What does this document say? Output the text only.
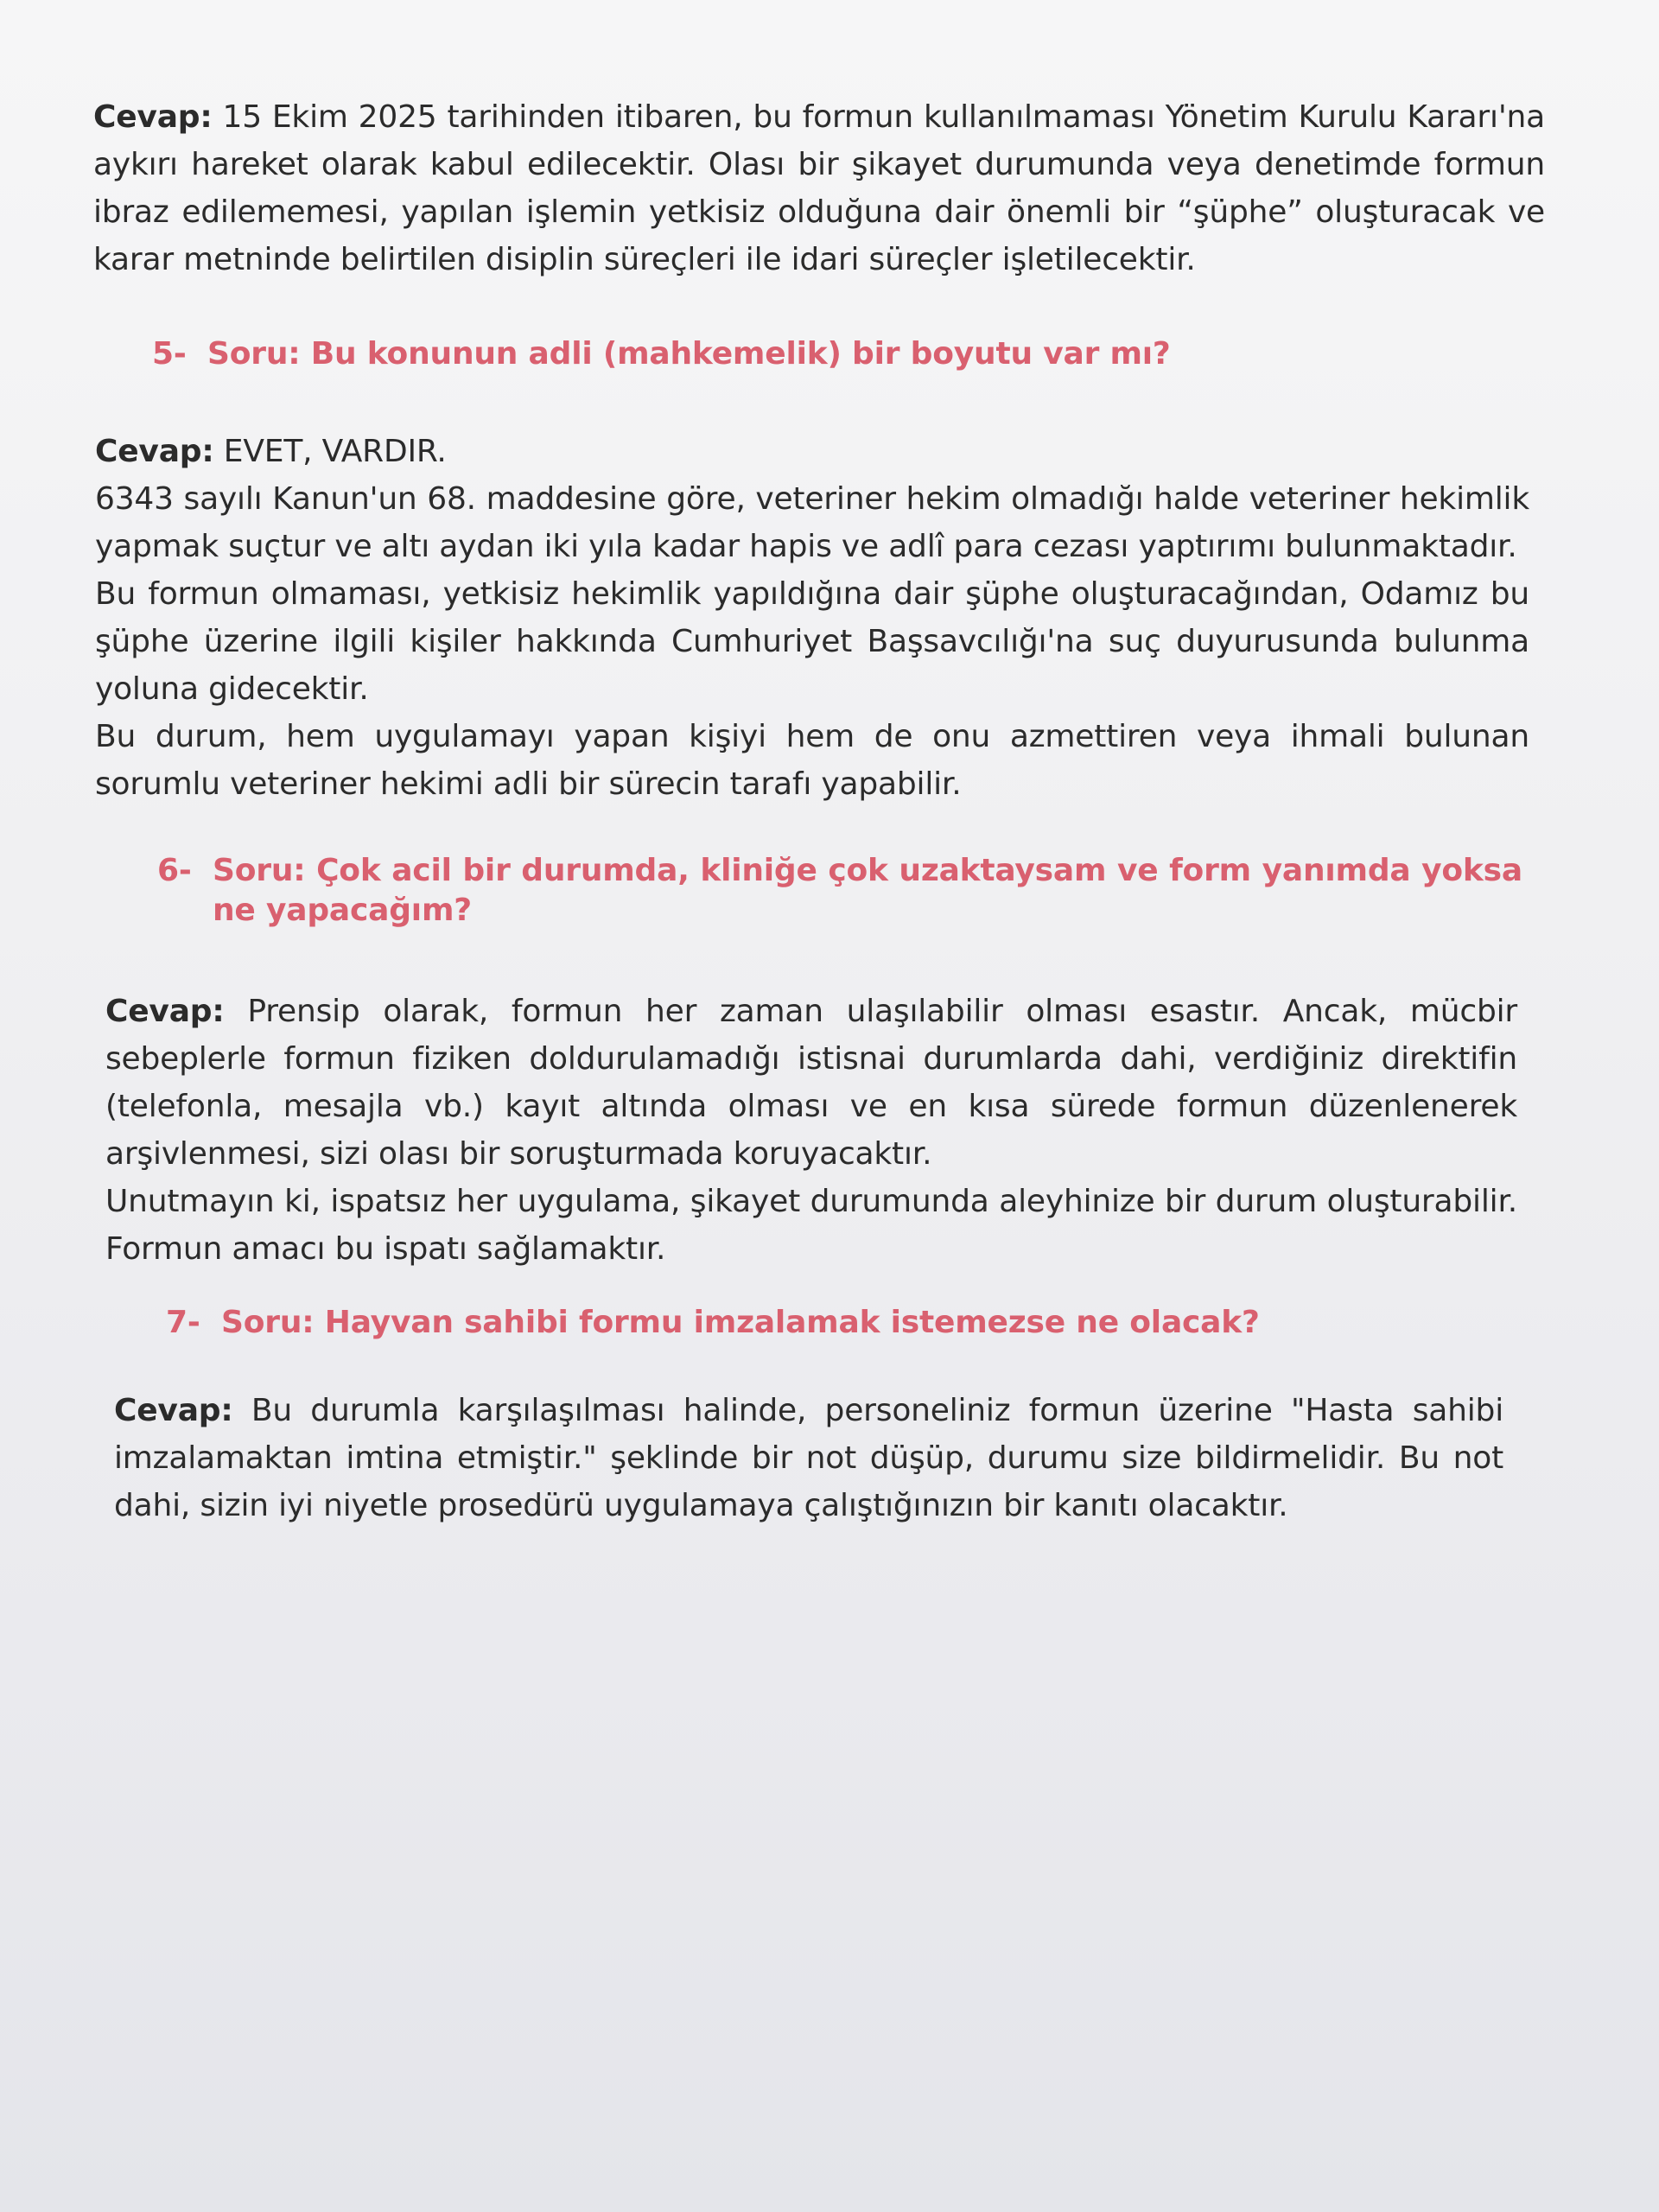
Cevap: 15 Ekim 2025 tarihinden itibaren, bu formun kullanılmaması Yönetim Kurulu Kararı'na aykırı hareket olarak kabul edilecektir. Olası bir şikayet durumunda veya denetimde formun ibraz edilememesi, yapılan işlemin yetkisiz olduğuna dair önemli bir “şüphe” oluşturacak ve karar metninde belirtilen disiplin süreçleri ile idari süreçler işletilecektir.

5- Soru: Bu konunun adli (mahkemelik) bir boyutu var mı?

Cevap: EVET, VARDIR.

6343 sayılı Kanun'un 68. maddesine göre, veteriner hekim olmadığı halde veteriner hekimlik yapmak suçtur ve altı aydan iki yıla kadar hapis ve adlî para cezası yaptırımı bulunmaktadır.

Bu formun olmaması, yetkisiz hekimlik yapıldığına dair şüphe oluşturacağından, Odamız bu şüphe üzerine ilgili kişiler hakkında Cumhuriyet Başsavcılığı'na suç duyurusunda bulunma yoluna gidecektir.

Bu durum, hem uygulamayı yapan kişiyi hem de onu azmettiren veya ihmali bulunan sorumlu veteriner hekimi adli bir sürecin tarafı yapabilir.

6- Soru: Çok acil bir durumda, kliniğe çok uzaktaysam ve form yanımda yoksa ne yapacağım?

Cevap: Prensip olarak, formun her zaman ulaşılabilir olması esastır. Ancak, mücbir sebeplerle formun fiziken doldurulamadığı istisnai durumlarda dahi, verdiğiniz direktifin (telefonla, mesajla vb.) kayıt altında olması ve en kısa sürede formun düzenlenerek arşivlenmesi, sizi olası bir soruşturmada koruyacaktır.

Unutmayın ki, ispatsız her uygulama, şikayet durumunda aleyhinize bir durum oluşturabilir. Formun amacı bu ispatı sağlamaktır.

7- Soru: Hayvan sahibi formu imzalamak istemezse ne olacak?

Cevap: Bu durumla karşılaşılması halinde, personeliniz formun üzerine "Hasta sahibi imzalamaktan imtina etmiştir." şeklinde bir not düşüp, durumu size bildirmelidir. Bu not dahi, sizin iyi niyetle prosedürü uygulamaya çalıştığınızın bir kanıtı olacaktır.
